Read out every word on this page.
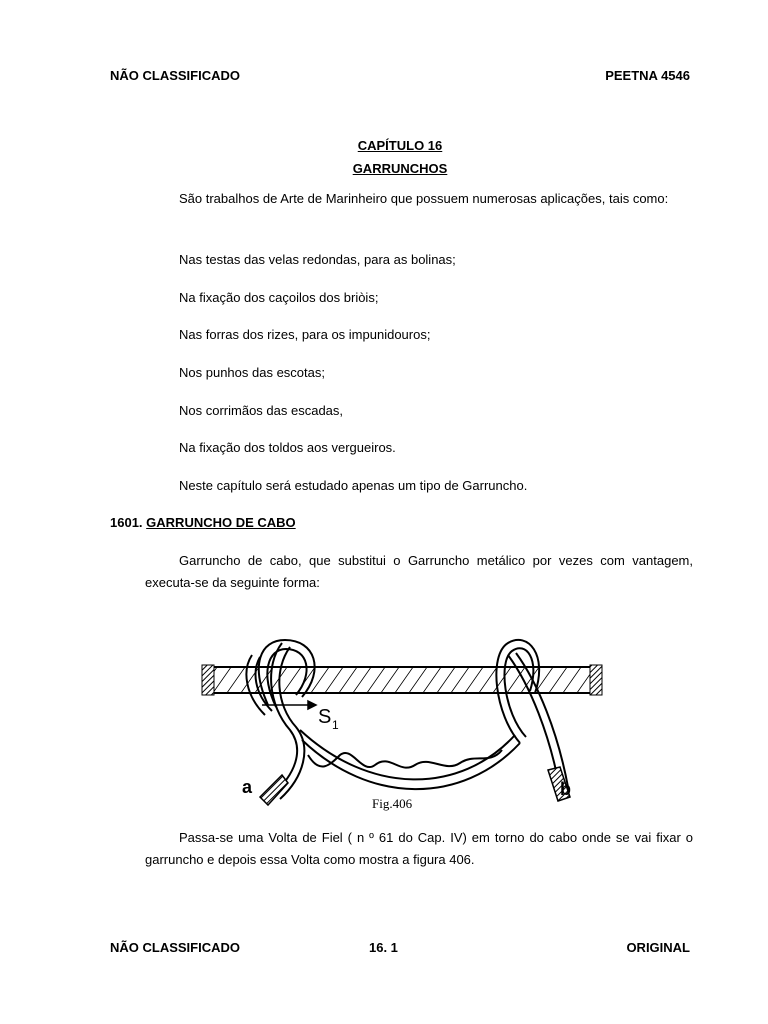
NÃO CLASSIFICADO	PEETNA 4546
CAPÍTULO 16
GARRUNCHOS
São trabalhos de Arte de Marinheiro que possuem numerosas aplicações, tais como:
Nas testas das velas redondas, para as bolinas;
Na fixação dos caçoilos dos briòis;
Nas forras dos rizes, para os impunidouros;
Nos punhos das escotas;
Nos corrimãos das escadas,
Na fixação dos toldos aos vergueiros.
Neste capítulo será estudado apenas um tipo de Garruncho.
1601. GARRUNCHO DE CABO
Garruncho de cabo, que substitui o Garruncho metálico por vezes com vantagem, executa-se da seguinte forma:
a	b
S 1
Fig.406
Passa-se uma Volta de Fiel ( n º 61 do Cap. IV) em torno do cabo onde se vai fixar o garruncho e depois essa Volta como mostra a figura 406.
NÃO CLASSIFICADO	16. 1	ORIGINAL
